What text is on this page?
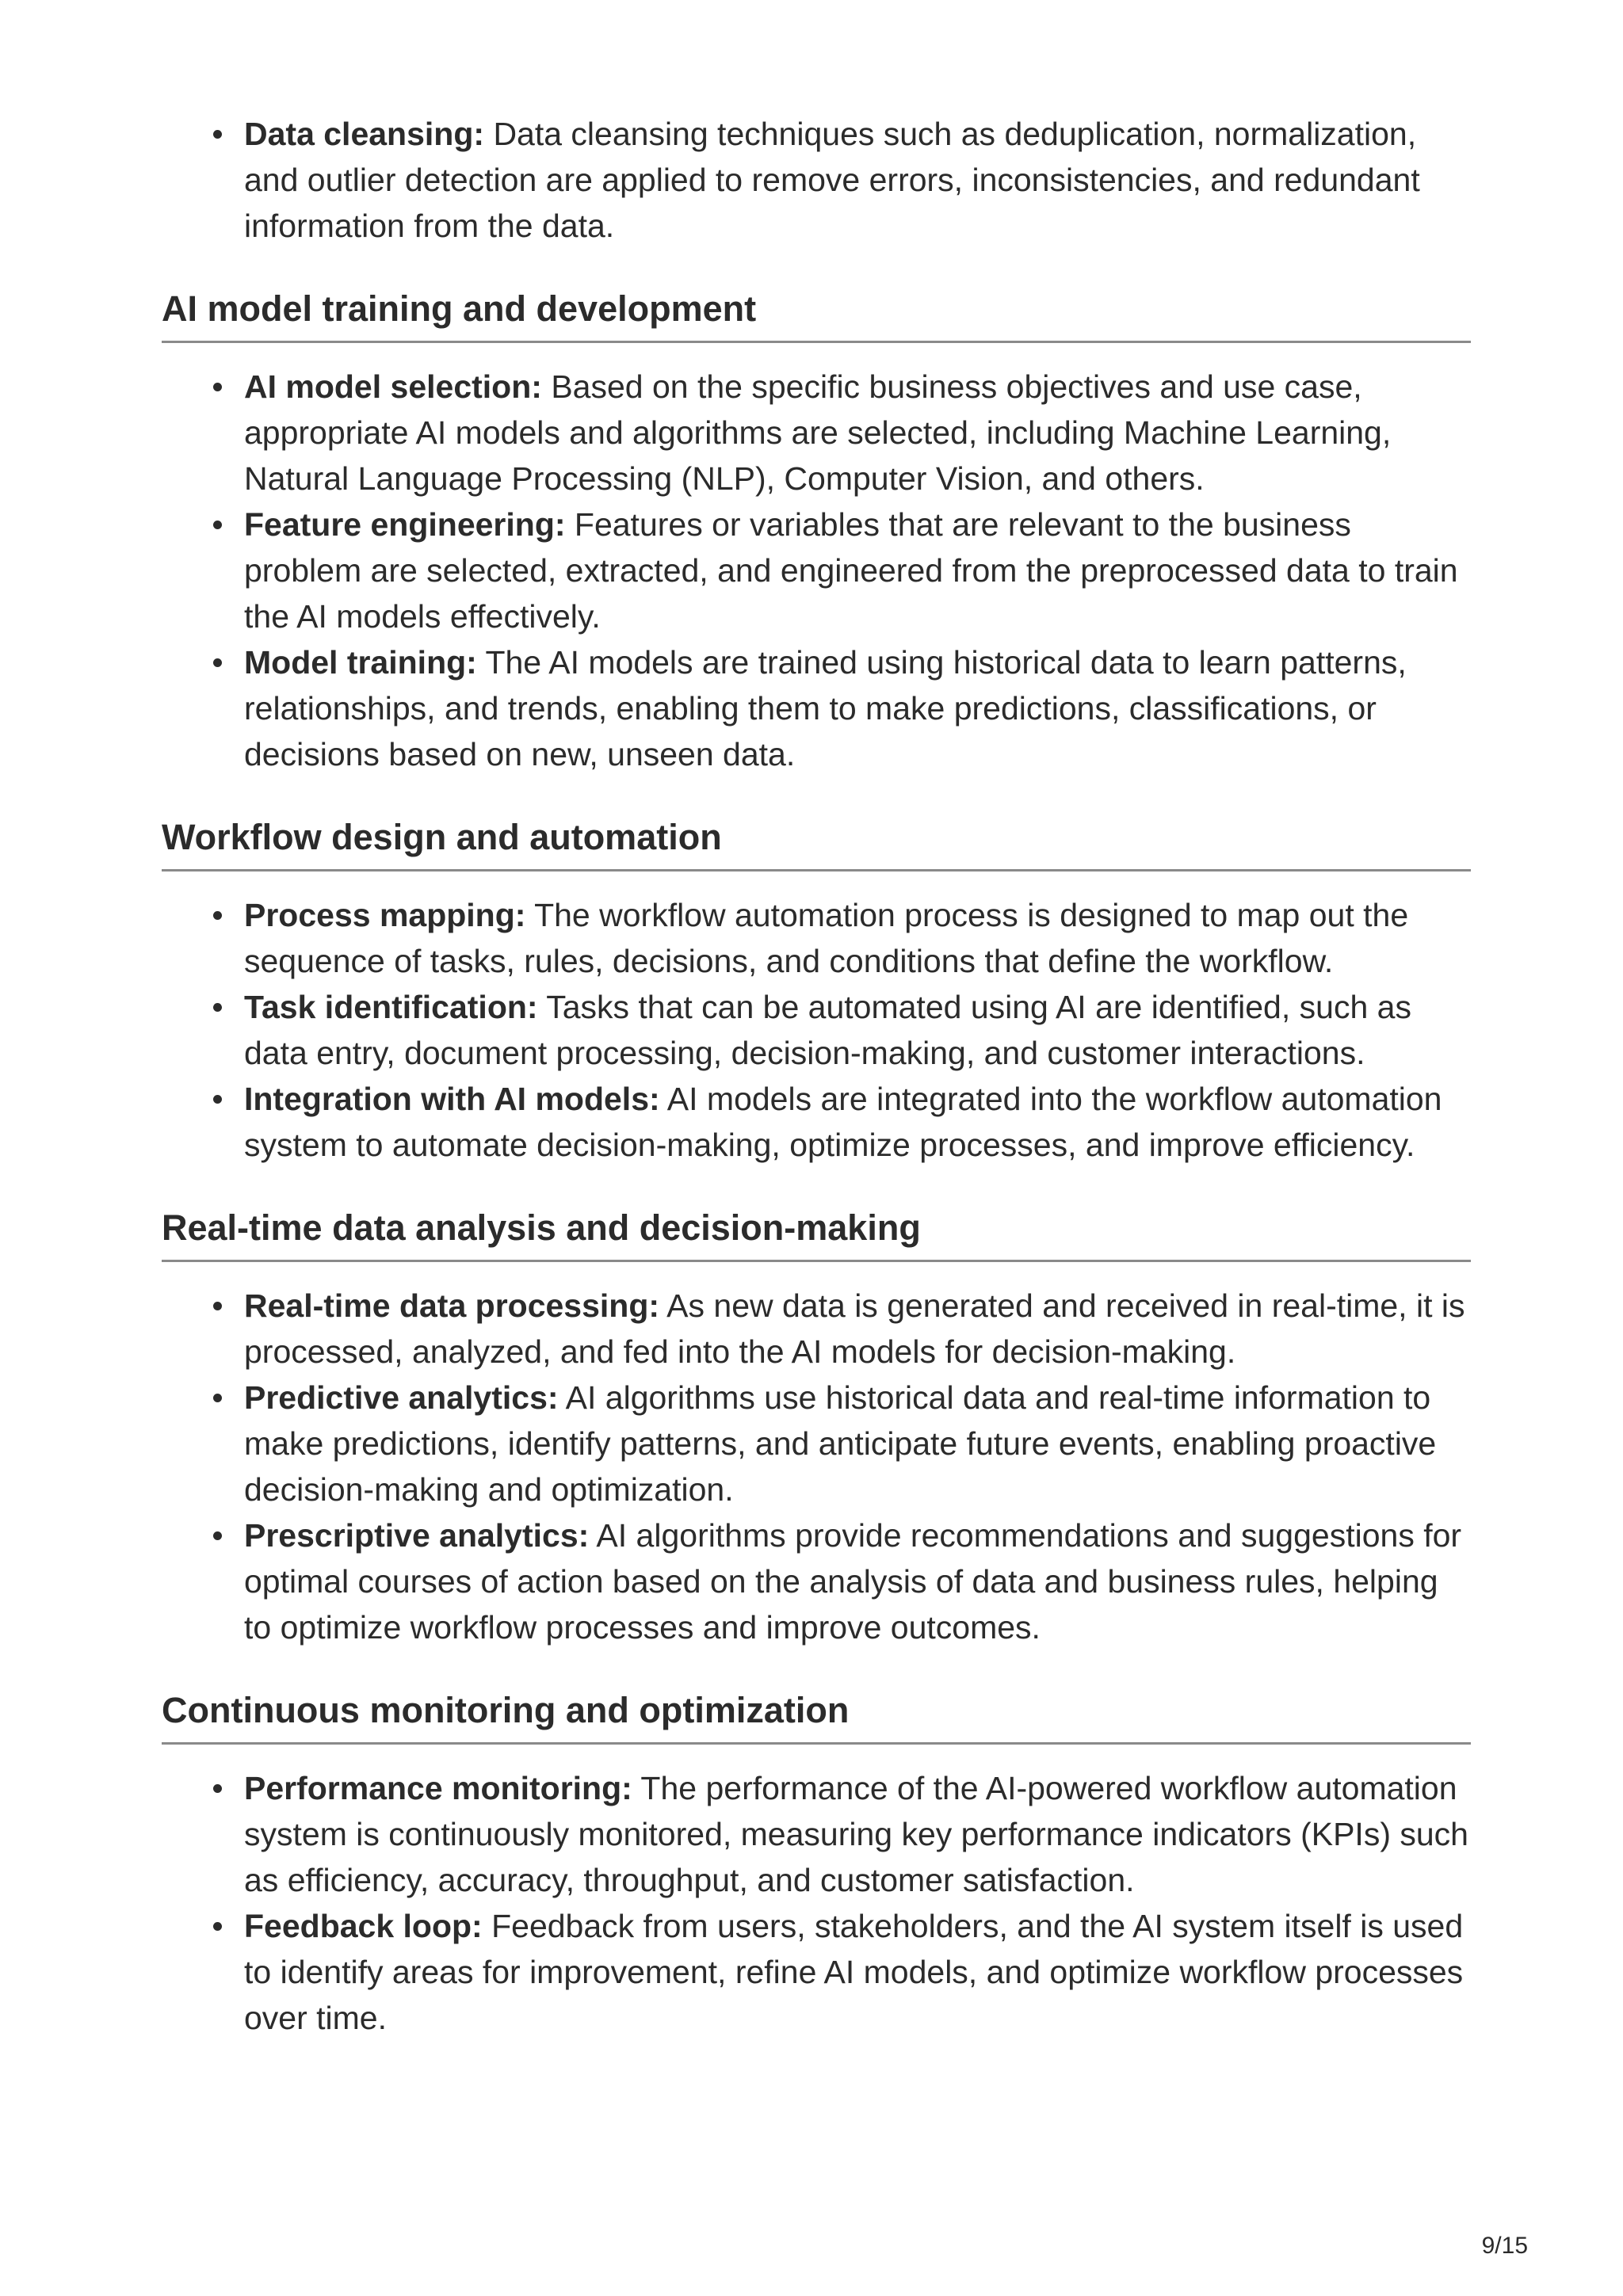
Data cleansing: Data cleansing techniques such as deduplication, normalization, and outlier detection are applied to remove errors, inconsistencies, and redundant information from the data.
AI model training and development
AI model selection: Based on the specific business objectives and use case, appropriate AI models and algorithms are selected, including Machine Learning, Natural Language Processing (NLP), Computer Vision, and others.
Feature engineering: Features or variables that are relevant to the business problem are selected, extracted, and engineered from the preprocessed data to train the AI models effectively.
Model training: The AI models are trained using historical data to learn patterns, relationships, and trends, enabling them to make predictions, classifications, or decisions based on new, unseen data.
Workflow design and automation
Process mapping: The workflow automation process is designed to map out the sequence of tasks, rules, decisions, and conditions that define the workflow.
Task identification: Tasks that can be automated using AI are identified, such as data entry, document processing, decision-making, and customer interactions.
Integration with AI models: AI models are integrated into the workflow automation system to automate decision-making, optimize processes, and improve efficiency.
Real-time data analysis and decision-making
Real-time data processing: As new data is generated and received in real-time, it is processed, analyzed, and fed into the AI models for decision-making.
Predictive analytics: AI algorithms use historical data and real-time information to make predictions, identify patterns, and anticipate future events, enabling proactive decision-making and optimization.
Prescriptive analytics: AI algorithms provide recommendations and suggestions for optimal courses of action based on the analysis of data and business rules, helping to optimize workflow processes and improve outcomes.
Continuous monitoring and optimization
Performance monitoring: The performance of the AI-powered workflow automation system is continuously monitored, measuring key performance indicators (KPIs) such as efficiency, accuracy, throughput, and customer satisfaction.
Feedback loop: Feedback from users, stakeholders, and the AI system itself is used to identify areas for improvement, refine AI models, and optimize workflow processes over time.
9/15
